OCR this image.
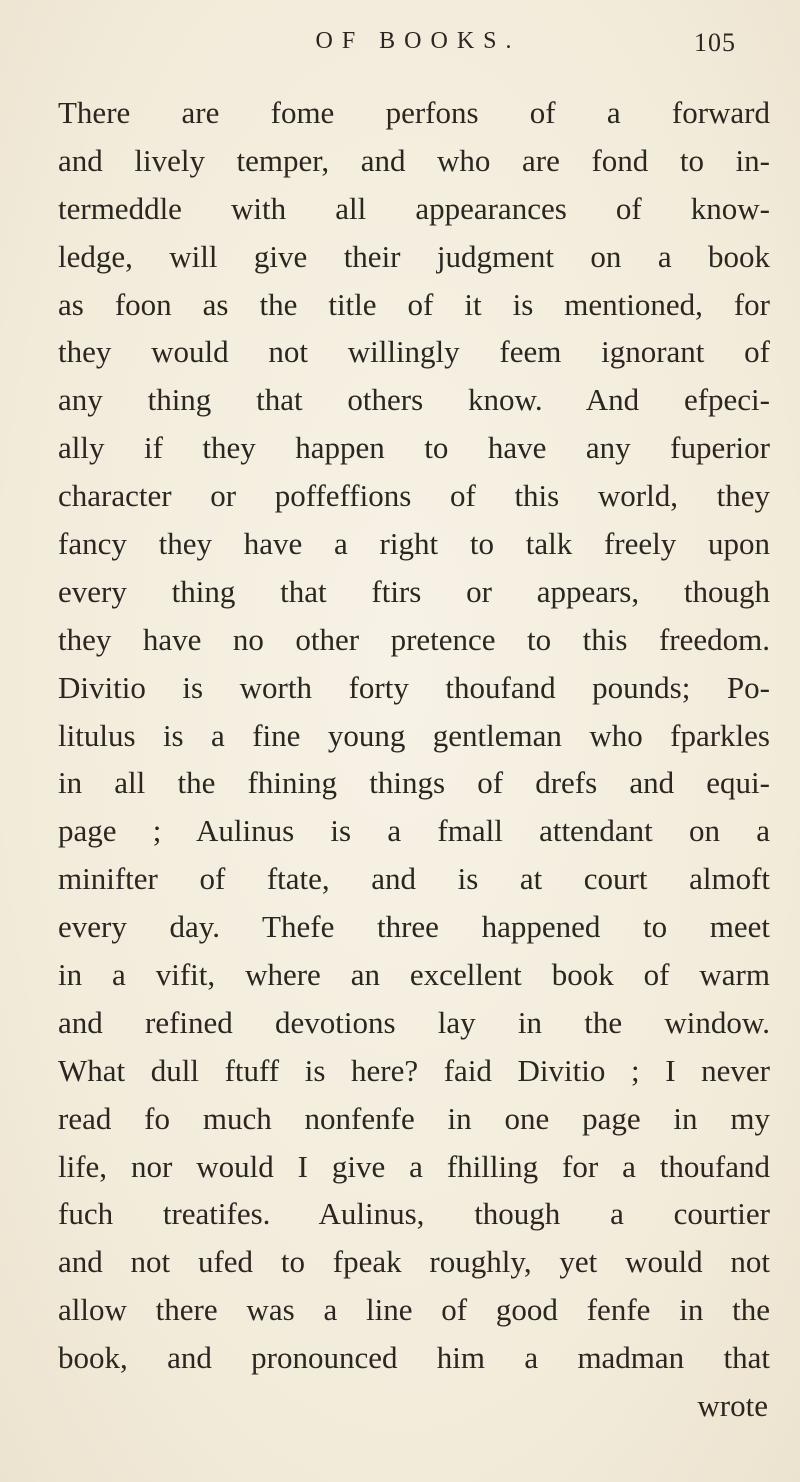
OF BOOKS.	105
There are fome perfons of a forward
and lively temper, and who are fond to in-
termeddle with all appearances of know-
ledge, will give their judgment on a book
as foon as the title of it is mentioned, for
they would not willingly feem ignorant of
any thing that others know. And efpeci-
ally if they happen to have any fuperior
character or poffeffions of this world, they
fancy they have a right to talk freely upon
every thing that ftirs or appears, though
they have no other pretence to this freedom.
Divitio is worth forty thoufand pounds; Po-
litulus is a fine young gentleman who fparkles
in all the fhining things of drefs and equi-
page ; Aulinus is a fmall attendant on a
minifter of ftate, and is at court almoft
every day. Thefe three happened to meet
in a vifit, where an excellent book of warm
and refined devotions lay in the window.
What dull ftuff is here? faid Divitio ; I never
read fo much nonfenfe in one page in my
life, nor would I give a fhilling for a thoufand
fuch treatifes. Aulinus, though a courtier
and not ufed to fpeak roughly, yet would not
allow there was a line of good fenfe in the
book, and pronounced him a madman that
wrote
